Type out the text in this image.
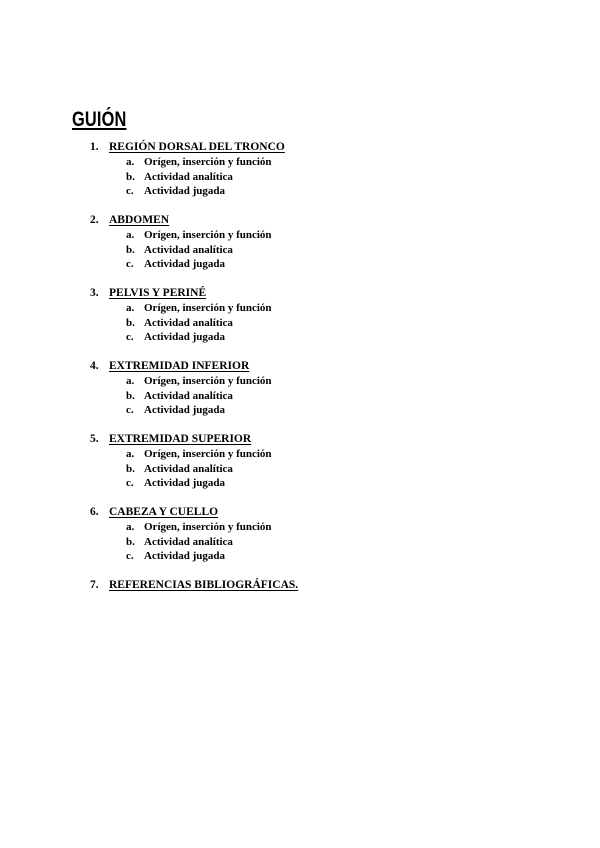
GUIÓN
1. REGIÓN DORSAL DEL TRONCO
a. Orígen, inserción y función
b. Actividad analítica
c. Actividad jugada
2. ABDOMEN
a. Orígen, inserción y función
b. Actividad analítica
c. Actividad jugada
3. PELVIS Y PERINÉ
a. Orígen, inserción y función
b. Actividad analítica
c. Actividad jugada
4. EXTREMIDAD INFERIOR
a. Orígen, inserción y función
b. Actividad analítica
c. Actividad jugada
5. EXTREMIDAD SUPERIOR
a. Orígen, inserción y función
b. Actividad analítica
c. Actividad jugada
6. CABEZA Y CUELLO
a. Orígen, inserción y función
b. Actividad analítica
c. Actividad jugada
7. REFERENCIAS BIBLIOGRÁFICAS.
